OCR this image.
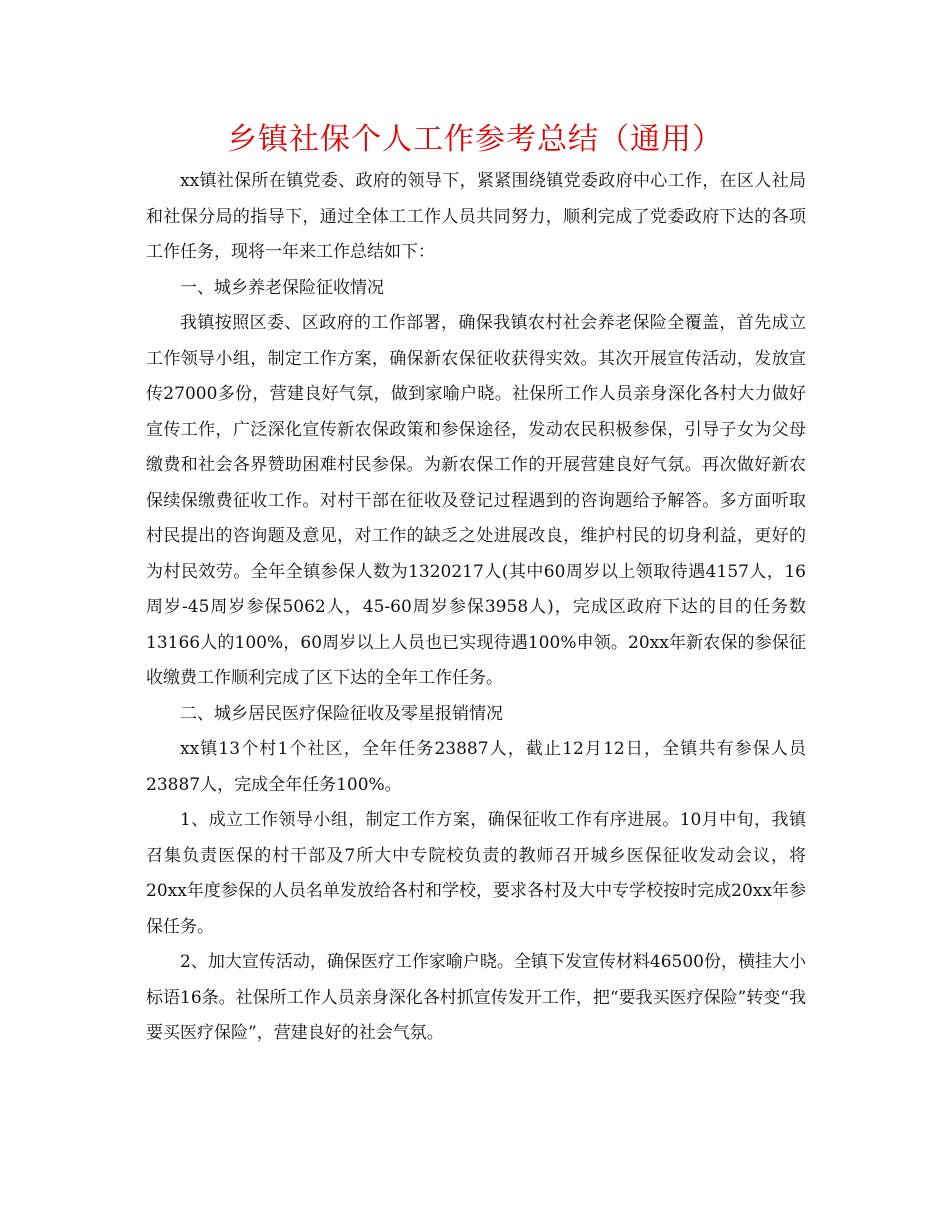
乡镇社保个人工作参考总结（通用）

xx镇社保所在镇党委、政府的领导下，紧紧围绕镇党委政府中心工作，在区人社局和社保分局的指导下，通过全体工工作人员共同努力，顺利完成了党委政府下达的各项工作任务，现将一年来工作总结如下：

一、城乡养老保险征收情况

我镇按照区委、区政府的工作部署，确保我镇农村社会养老保险全覆盖，首先成立工作领导小组，制定工作方案，确保新农保征收获得实效。其次开展宣传活动，发放宣传27000多份，营建良好气氛，做到家喻户晓。社保所工作人员亲身深化各村大力做好宣传工作，广泛深化宣传新农保政策和参保途径，发动农民积极参保，引导子女为父母缴费和社会各界赞助困难村民参保。为新农保工作的开展营建良好气氛。再次做好新农保续保缴费征收工作。对村干部在征收及登记过程遇到的咨询题给予解答。多方面听取村民提出的咨询题及意见，对工作的缺乏之处进展改良，维护村民的切身利益，更好的为村民效劳。全年全镇参保人数为1320217人(其中60周岁以上领取待遇4157人，16周岁-45周岁参保5062人，45-60周岁参保3958人)，完成区政府下达的目的任务数13166人的100%，60周岁以上人员也已实现待遇100%申领。20xx年新农保的参保征收缴费工作顺利完成了区下达的全年工作任务。

二、城乡居民医疗保险征收及零星报销情况

xx镇13个村1个社区，全年任务23887人，截止12月12日，全镇共有参保人员23887人，完成全年任务100%。

1、成立工作领导小组，制定工作方案，确保征收工作有序进展。10月中旬，我镇召集负责医保的村干部及7所大中专院校负责的教师召开城乡医保征收发动会议，将20xx年度参保的人员名单发放给各村和学校，要求各村及大中专学校按时完成20xx年参保任务。

2、加大宣传活动，确保医疗工作家喻户晓。全镇下发宣传材料46500份，横挂大小标语16条。社保所工作人员亲身深化各村抓宣传发开工作，把“要我买医疗保险”转变“我要买医疗保险”，营建良好的社会气氛。
